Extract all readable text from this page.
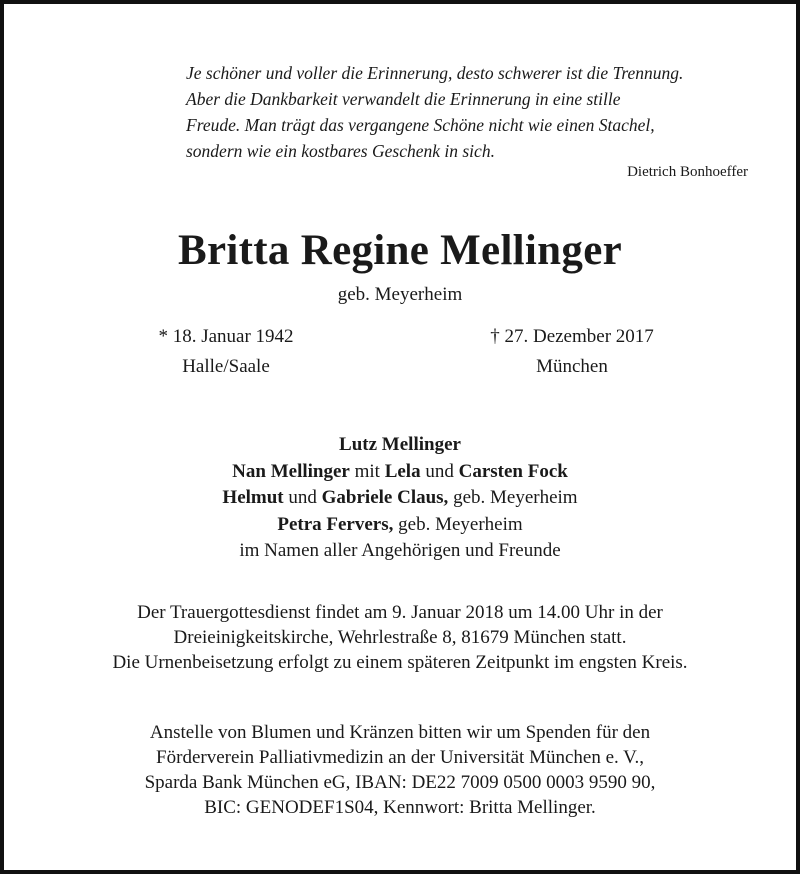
Je schöner und voller die Erinnerung, desto schwerer ist die Trennung.
Aber die Dankbarkeit verwandelt die Erinnerung in eine stille
Freude. Man trägt das vergangene Schöne nicht wie einen Stachel,
sondern wie ein kostbares Geschenk in sich.
Dietrich Bonhoeffer
Britta Regine Mellinger
geb. Meyerheim
* 18. Januar 1942
Halle/Saale
† 27. Dezember 2017
München
Lutz Mellinger
Nan Mellinger mit Lela und Carsten Fock
Helmut und Gabriele Claus, geb. Meyerheim
Petra Fervers, geb. Meyerheim
im Namen aller Angehörigen und Freunde
Der Trauergottesdienst findet am 9. Januar 2018 um 14.00 Uhr in der
Dreieinigkeitskirche, Wehrlestraße 8, 81679 München statt.
Die Urnenbeisetzung erfolgt zu einem späteren Zeitpunkt im engsten Kreis.
Anstelle von Blumen und Kränzen bitten wir um Spenden für den
Förderverein Palliativmedizin an der Universität München e. V.,
Sparda Bank München eG, IBAN: DE22 7009 0500 0003 9590 90,
BIC: GENODEF1S04, Kennwort: Britta Mellinger.
